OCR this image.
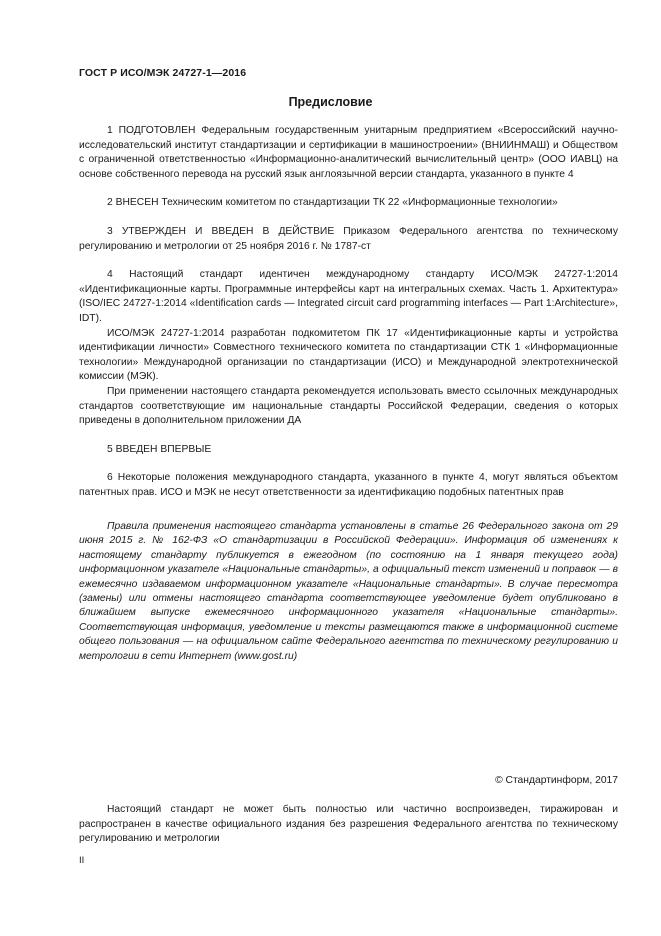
ГОСТ Р ИСО/МЭК 24727-1—2016
Предисловие

1 ПОДГОТОВЛЕН Федеральным государственным унитарным предприятием «Всероссийский научно-исследовательский институт стандартизации и сертификации в машиностроении» (ВНИИНМАШ) и Обществом с ограниченной ответственностью «Информационно-аналитический вычислительный центр» (ООО ИАВЦ) на основе собственного перевода на русский язык англоязычной версии стандарта, указанного в пункте 4

2 ВНЕСЕН Техническим комитетом по стандартизации ТК 22 «Информационные технологии»

3 УТВЕРЖДЕН И ВВЕДЕН В ДЕЙСТВИЕ Приказом Федерального агентства по техническому регулированию и метрологии от 25 ноября 2016 г. № 1787-ст

4 Настоящий стандарт идентичен международному стандарту ИСО/МЭК 24727-1:2014 «Идентификационные карты. Программные интерфейсы карт на интегральных схемах. Часть 1. Архитектура» (ISO/IEC 24727-1:2014 «Identification cards — Integrated circuit card programming interfaces — Part 1:Architecture», IDT).

ИСО/МЭК 24727-1:2014 разработан подкомитетом ПК 17 «Идентификационные карты и устройства идентификации личности» Совместного технического комитета по стандартизации СТК 1 «Информационные технологии» Международной организации по стандартизации (ИСО) и Международной электротехнической комиссии (МЭК).

При применении настоящего стандарта рекомендуется использовать вместо ссылочных международных стандартов соответствующие им национальные стандарты Российской Федерации, сведения о которых приведены в дополнительном приложении ДА

5 ВВЕДЕН ВПЕРВЫЕ

6 Некоторые положения международного стандарта, указанного в пункте 4, могут являться объектом патентных прав. ИСО и МЭК не несут ответственности за идентификацию подобных патентных прав

Правила применения настоящего стандарта установлены в статье 26 Федерального закона от 29 июня 2015 г. № 162-ФЗ «О стандартизации в Российской Федерации». Информация об изменениях к настоящему стандарту публикуется в ежегодном (по состоянию на 1 января текущего года) информационном указателе «Национальные стандарты», а официальный текст изменений и поправок — в ежемесячно издаваемом информационном указателе «Национальные стандарты». В случае пересмотра (замены) или отмены настоящего стандарта соответствующее уведомление будет опубликовано в ближайшем выпуске ежемесячного информационного указателя «Национальные стандарты». Соответствующая информация, уведомление и тексты размещаются также в информационной системе общего пользования — на официальном сайте Федерального агентства по техническому регулированию и метрологии в сети Интернет (www.gost.ru)

© Стандартинформ, 2017

Настоящий стандарт не может быть полностью или частично воспроизведен, тиражирован и распространен в качестве официального издания без разрешения Федерального агентства по техническому регулированию и метрологии

II
